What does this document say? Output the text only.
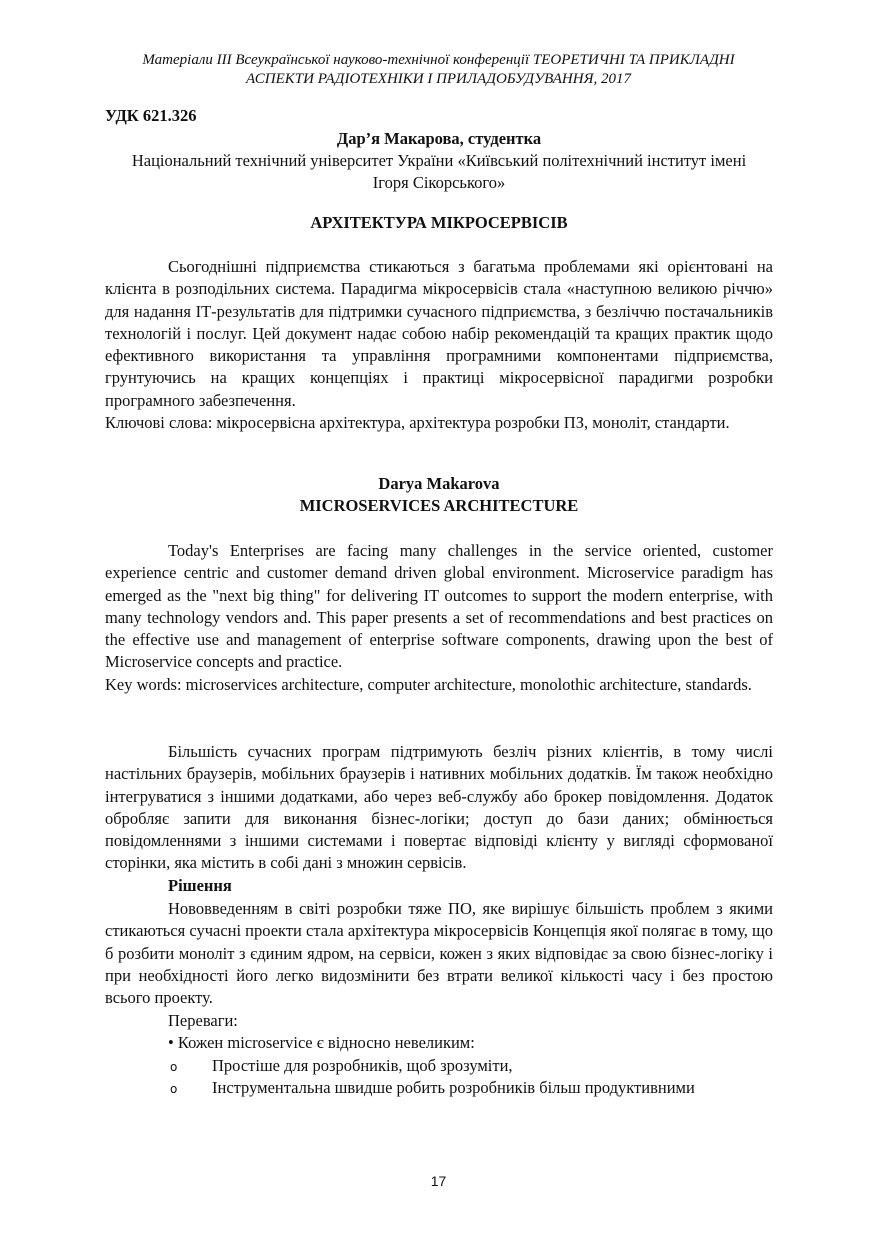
Матеріали ІІІ Всеукраїнської науково-технічної конференції ТЕОРЕТИЧНІ ТА ПРИКЛАДНІ
АСПЕКТИ РАДІОТЕХНІКИ І ПРИЛАДОБУДУВАННЯ, 2017
УДК 621.326
Дар’я Макарова, студентка
Національний технічний університет України «Київський політехнічний інститут імені
Ігоря Сікорського»
АРХІТЕКТУРА МІКРОСЕРВІСІВ

Сьогоднішні підприємства стикаються з багатьма проблемами які орієнтовані на клієнта в розподільних система. Парадигма мікросервісів стала «наступною великою річчю» для надання ІТ-результатів для підтримки сучасного підприємства, з безліччю постачальників технологій і послуг. Цей документ надає собою набір рекомендацій та кращих практик щодо ефективного використання та управління програмними компонентами підприємства, грунтуючись на кращих концепціях і практиці мікросервісної парадигми розробки програмного забезпечення.

Ключові слова: мікросервісна архітектура, архітектура розробки ПЗ, моноліт, стандарти.

Darya Makarova
MICROSERVICES ARCHITECTURE

Today's Enterprises are facing many challenges in the service oriented, customer experience centric and customer demand driven global environment. Microservice paradigm has emerged as the "next big thing" for delivering IT outcomes to support the modern enterprise, with many technology vendors and. This paper presents a set of recommendations and best practices on the effective use and management of enterprise software components, drawing upon the best of Microservice concepts and practice.

Key words: microservices architecture, computer architecture, monolothic architecture, standards.

Більшість сучасних програм підтримують безліч різних клієнтів, в тому числі настільних браузерів, мобільних браузерів і нативних мобільних додатків. Їм також необхідно інтегруватися з іншими додатками, або через веб-службу або брокер повідомлення. Додаток обробляє запити для виконання бізнес-логіки; доступ до бази даних; обмінюється повідомленнями з іншими системами і повертає відповіді клієнту у вигляді сформованої сторінки, яка містить в собі дані з множин сервісів.

Рішення

Нововведенням в світі розробки тяже ПО, яке вирішує більшість проблем з якими стикаються сучасні проекти стала архітектура мікросервісів Концепція якої полягає в тому, що б розбити моноліт з єдиним ядром, на сервіси, кожен з яких відповідає за свою бізнес-логіку і при необхідності його легко видозмінити без втрати великої кількості часу і без простою всього проекту.

Переваги:
• Кожен microservice є відносно невеликим:
o Простіше для розробників, щоб зрозуміти,
o Інструментальна швидше робить розробників більш продуктивними
17
